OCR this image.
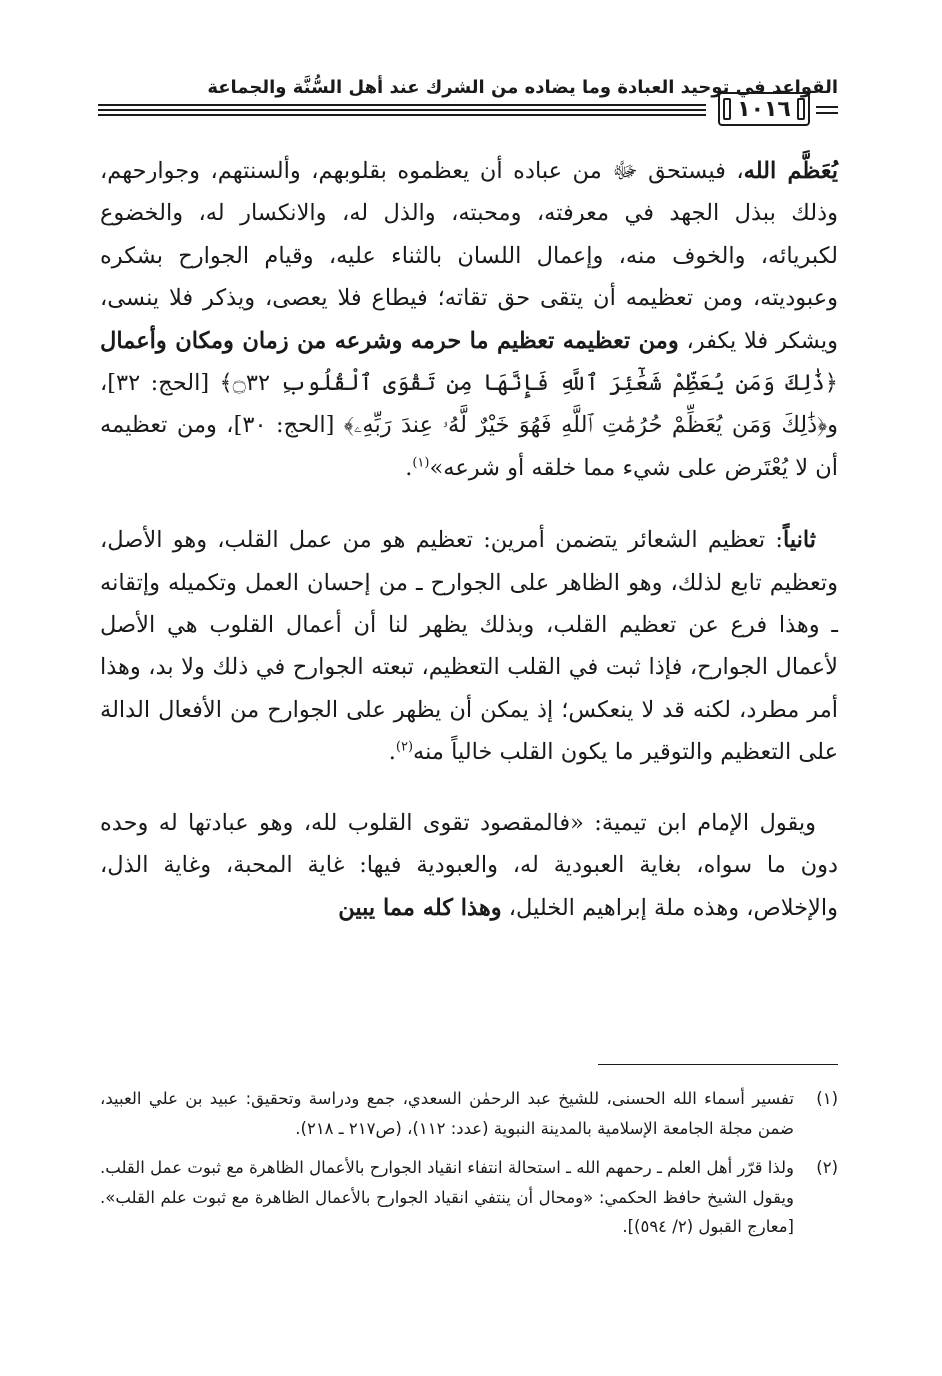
القواعد في توحيد العبادة وما يضاده من الشرك عند أهل السُّنَّة والجماعة
١٠١٦

يُعَظَّم الله، فيستحق ﷻ من عباده أن يعظموه بقلوبهم، وألسنتهم، وجوارحهم، وذلك ببذل الجهد في معرفته، ومحبته، والذل له، والانكسار له، والخضوع لكبريائه، والخوف منه، وإعمال اللسان بالثناء عليه، وقيام الجوارح بشكره وعبوديته، ومن تعظيمه أن يتقى حق تقاته؛ فيطاع فلا يعصى، ويذكر فلا ينسى، ويشكر فلا يكفر، ومن تعظيمه تعظيم ما حرمه وشرعه من زمان ومكان وأعمال ﴿ذَٰلِكَ وَمَن يُعَظِّمْ شَعَٰٓئِرَ ٱللَّهِ فَإِنَّهَا مِن تَقْوَى ٱلْقُلُوبِ ۝٣٢﴾ [الحج: ٣٢]، و﴿ذَٰلِكَ وَمَن يُعَظِّمْ حُرُمَٰتِ ٱللَّهِ فَهُوَ خَيْرٌ لَّهُۥ عِندَ رَبِّهِۦ﴾ [الحج: ٣٠]، ومن تعظيمه أن لا يُعْتَرض على شيء مما خلقه أو شرعه»$^{(١)}$.

ثانياً: تعظيم الشعائر يتضمن أمرين: تعظيم هو من عمل القلب، وهو الأصل، وتعظيم تابع لذلك، وهو الظاهر على الجوارح ـ من إحسان العمل وتكميله وإتقانه ـ وهذا فرع عن تعظيم القلب، وبذلك يظهر لنا أن أعمال القلوب هي الأصل لأعمال الجوارح، فإذا ثبت في القلب التعظيم، تبعته الجوارح في ذلك ولا بد، وهذا أمر مطرد، لكنه قد لا ينعكس؛ إذ يمكن أن يظهر على الجوارح من الأفعال الدالة على التعظيم والتوقير ما يكون القلب خالياً منه$^{(٢)}$.

ويقول الإمام ابن تيمية: «فالمقصود تقوى القلوب لله، وهو عبادتها له وحده دون ما سواه، بغاية العبودية له، والعبودية فيها: غاية المحبة، وغاية الذل، والإخلاص، وهذه ملة إبراهيم الخليل، وهذا كله مما يبين

(١)
تفسير أسماء الله الحسنى، للشيخ عبد الرحمٰن السعدي، جمع ودراسة وتحقيق: عبيد بن علي العبيد، ضمن مجلة الجامعة الإسلامية بالمدينة النبوية (عدد: ١١٢)، (ص٢١٧ ـ ٢١٨).
(٢)
ولذا قرّر أهل العلم ـ رحمهم الله ـ استحالة انتفاء انقياد الجوارح بالأعمال الظاهرة مع ثبوت عمل القلب. ويقول الشيخ حافظ الحكمي: «ومحال أن ينتفي انقياد الجوارح بالأعمال الظاهرة مع ثبوت علم القلب». [معارج القبول (٢/ ٥٩٤)].
